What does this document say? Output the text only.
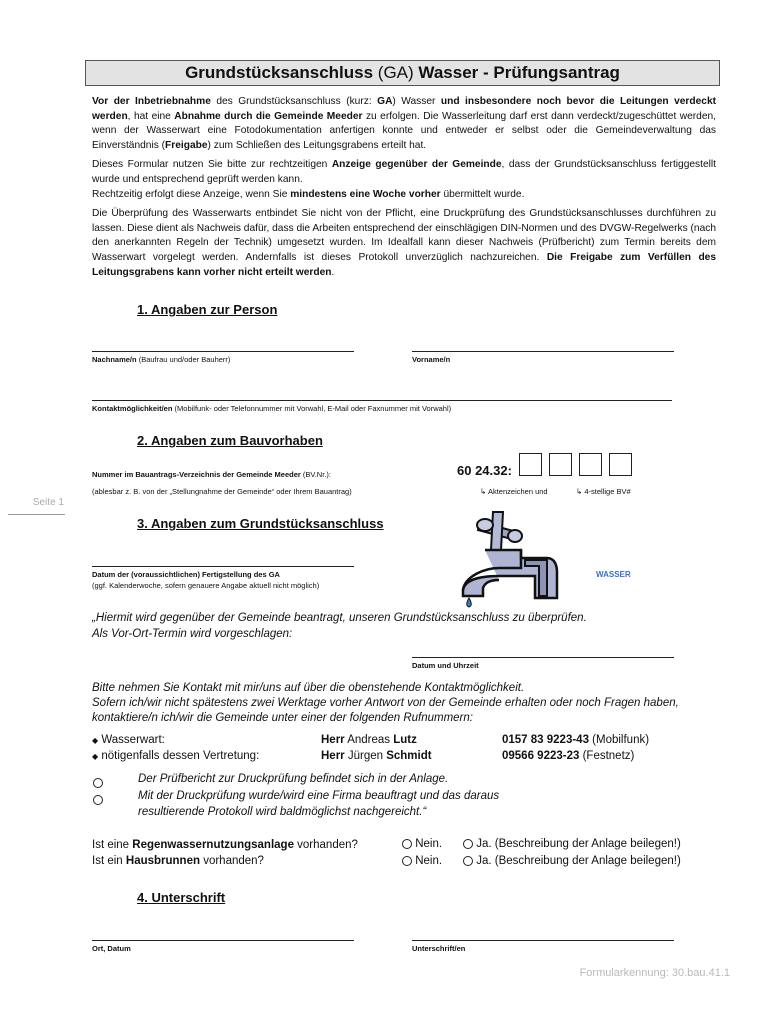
Grundstücksanschluss (GA) Wasser - Prüfungsantrag

Vor der Inbetriebnahme des Grundstücksanschluss (kurz: GA) Wasser und insbesondere noch bevor die Leitungen verdeckt werden, hat eine Abnahme durch die Gemeinde Meeder zu erfolgen. Die Wasserleitung darf erst dann verdeckt/zugeschüttet werden, wenn der Wasserwart eine Fotodokumentation anfertigen konnte und entweder er selbst oder die Gemeindeverwaltung das Einverständnis (Freigabe) zum Schließen des Leitungsgrabens erteilt hat.

Dieses Formular nutzen Sie bitte zur rechtzeitigen Anzeige gegenüber der Gemeinde, dass der Grundstücksanschluss fertiggestellt wurde und entsprechend geprüft werden kann.
Rechtzeitig erfolgt diese Anzeige, wenn Sie mindestens eine Woche vorher übermittelt wurde.

Die Überprüfung des Wasserwarts entbindet Sie nicht von der Pflicht, eine Druckprüfung des Grundstücksanschlusses durchführen zu lassen. Diese dient als Nachweis dafür, dass die Arbeiten entsprechend der einschlägigen DIN-Normen und des DVGW-Regelwerks (nach den anerkannten Regeln der Technik) umgesetzt wurden. Im Idealfall kann dieser Nachweis (Prüfbericht) zum Termin bereits dem Wasserwart vorgelegt werden. Andernfalls ist dieses Protokoll unverzüglich nachzureichen. Die Freigabe zum Verfüllen des Leitungsgrabens kann vorher nicht erteilt werden.

1. Angaben zur Person
Nachname/n (Baufrau und/oder Bauherr)	Vorname/n
Kontaktmöglichkeit/en (Mobilfunk- oder Telefonnummer mit Vorwahl, E-Mail oder Faxnummer mit Vorwahl)
2. Angaben zum Bauvorhaben
Nummer im Bauantrags-Verzeichnis der Gemeinde Meeder (BV.Nr.):
(ablesbar z. B. von der „Stellungnahme der Gemeinde“ oder Ihrem Bauantrag)
60 24.32:
↳ Aktenzeichen und	↳ 4-stellige BV#
Seite 1
3. Angaben zum Grundstücksanschluss
Datum der (voraussichtlichen) Fertigstellung des GA
(ggf. Kalenderwoche, sofern genauere Angabe aktuell nicht möglich)
WASSER
„Hiermit wird gegenüber der Gemeinde beantragt, unseren Grundstücksanschluss zu überprüfen.
Als Vor-Ort-Termin wird vorgeschlagen:
Datum und Uhrzeit
Bitte nehmen Sie Kontakt mit mir/uns auf über die obenstehende Kontaktmöglichkeit.
Sofern ich/wir nicht spätestens zwei Werktage vorher Antwort von der Gemeinde erhalten oder noch Fragen haben, kontaktiere/n ich/wir die Gemeinde unter einer der folgenden Rufnummern:
◆ Wasserwart:	Herr Andreas Lutz	0157 83 9223-43 (Mobilfunk)
◆ nötigenfalls dessen Vertretung:	Herr Jürgen Schmidt	09566 9223-23 (Festnetz)
Der Prüfbericht zur Druckprüfung befindet sich in der Anlage.
Mit der Druckprüfung wurde/wird eine Firma beauftragt und das daraus
resultierende Protokoll wird baldmöglichst nachgereicht.“
Ist eine Regenwassernutzungsanlage vorhanden?	Nein.	Ja. (Beschreibung der Anlage beilegen!)
Ist ein Hausbrunnen vorhanden?	Nein.	Ja. (Beschreibung der Anlage beilegen!)
4. Unterschrift
Ort, Datum	Unterschrift/en
Formularkennung: 30.bau.41.1
